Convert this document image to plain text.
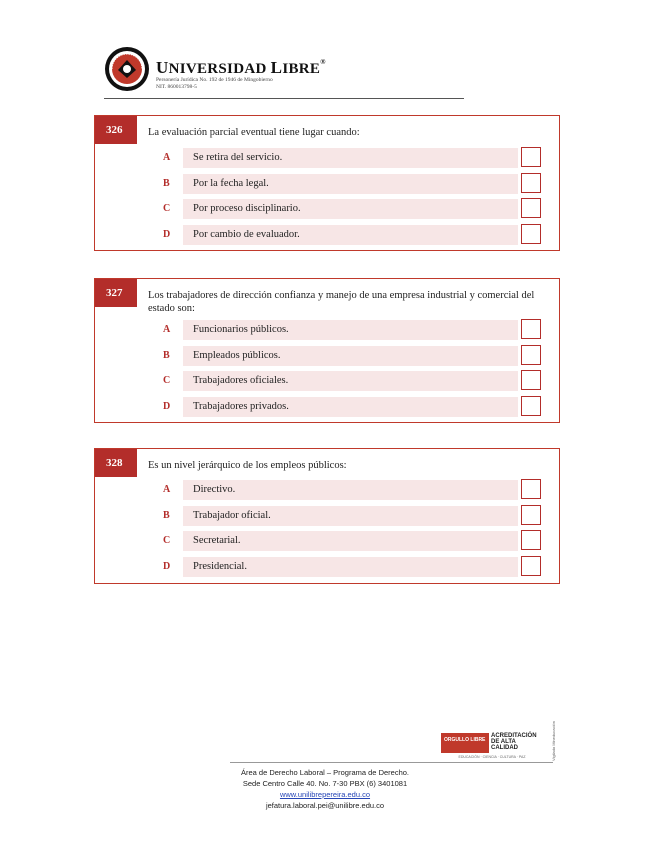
UNIVERSIDAD LIBRE®
Personería Jurídica No. 192 de 1946 de Mingobierno
NIT. 860013798-5
326	La evaluación parcial eventual tiene lugar cuando:
A	Se retira del servicio.
B	Por la fecha legal.
C	Por proceso disciplinario.
D	Por cambio de evaluador.
327	Los trabajadores de dirección confianza y manejo de una empresa industrial y comercial del estado son:
A	Funcionarios públicos.
B	Empleados públicos.
C	Trabajadores oficiales.
D	Trabajadores privados.
328	Es un nivel jerárquico de los empleos públicos:
A	Directivo.
B	Trabajador oficial.
C	Secretarial.
D	Presidencial.
ORGULLO LIBRE
ACREDITACIÓN DE ALTA CALIDAD
EDUCACIÓN · CIENCIA · CULTURA · PAZ	Vigilada Mineducación
Área de Derecho Laboral – Programa de Derecho.
Sede Centro Calle 40. No. 7-30 PBX (6) 3401081
www.unilibrepereira.edu.co
jefatura.laboral.pei@unilibre.edu.co
